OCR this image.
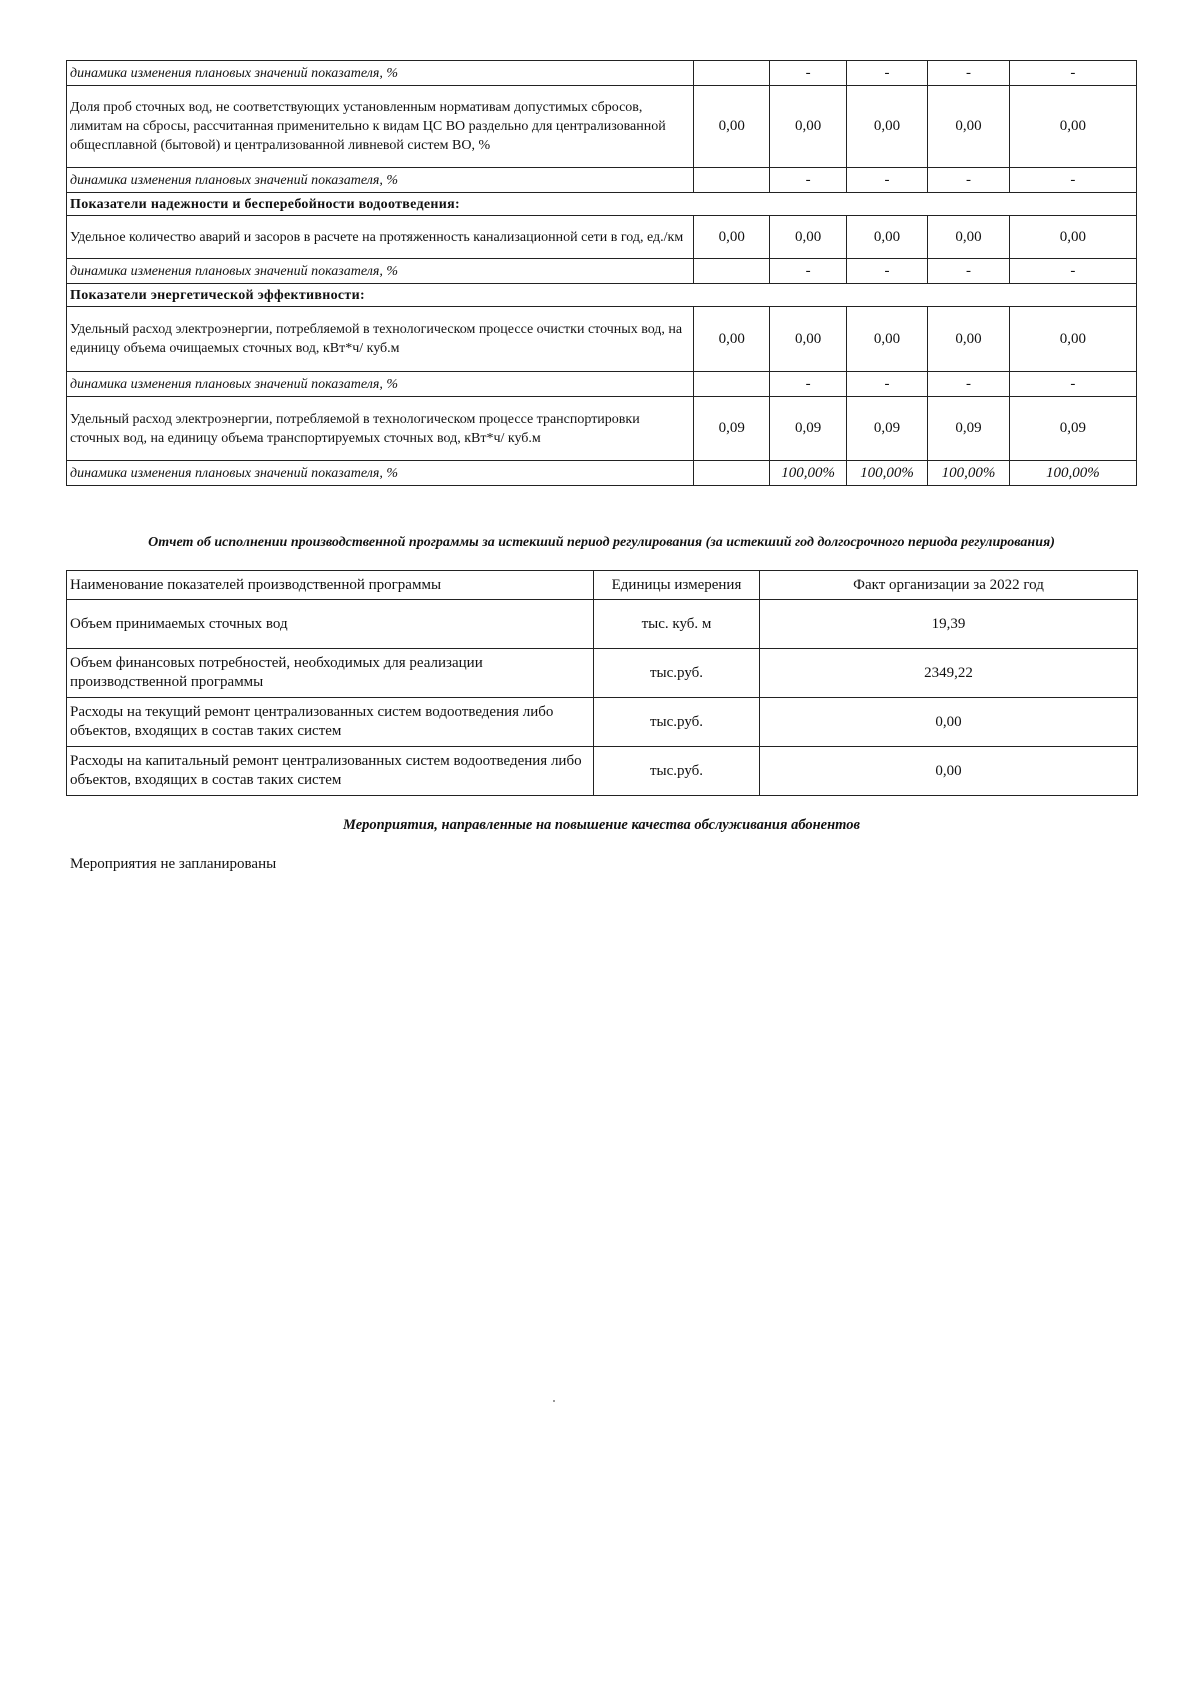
динамика изменения плановых значений показателя, %		-	-	-	-
Доля проб сточных вод, не соответствующих установленным нормативам допустимых сбросов, лимитам на сбросы, рассчитанная применительно к видам ЦС ВО раздельно для централизованной общесплавной (бытовой) и централизованной ливневой систем ВО, %	0,00	0,00	0,00	0,00	0,00
динамика изменения плановых значений показателя, %		-	-	-	-
Показатели надежности и бесперебойности водоотведения:					
Удельное количество аварий и засоров в расчете на протяженность канализационной сети в год, ед./км	0,00	0,00	0,00	0,00	0,00
динамика изменения плановых значений показателя, %		-	-	-	-
Показатели энергетической эффективности:					
Удельный расход электроэнергии, потребляемой в технологическом процессе очистки сточных вод, на единицу объема очищаемых сточных вод, кВт*ч/ куб.м	0,00	0,00	0,00	0,00	0,00
динамика изменения плановых значений показателя, %		-	-	-	-
Удельный расход электроэнергии, потребляемой в технологическом процессе транспортировки сточных вод, на единицу объема транспортируемых сточных вод, кВт*ч/ куб.м	0,09	0,09	0,09	0,09	0,09
динамика изменения плановых значений показателя, %		100,00%	100,00%	100,00%	100,00%
Отчет об исполнении производственной программы за истекший период регулирования (за истекший год долгосрочного периода регулирования)
Наименование показателей производственной программы	Единицы измерения	Факт организации за 2022 год
Объем принимаемых сточных вод	тыс. куб. м	19,39
Объем финансовых потребностей, необходимых для реализации производственной программы	тыс.руб.	2349,22
Расходы на текущий ремонт централизованных систем водоотведения либо объектов, входящих в состав таких систем	тыс.руб.	0,00
Расходы на капитальный ремонт централизованных систем водоотведения либо объектов, входящих в состав таких систем	тыс.руб.	0,00
Мероприятия, направленные на повышение качества обслуживания абонентов
Мероприятия не запланированы
